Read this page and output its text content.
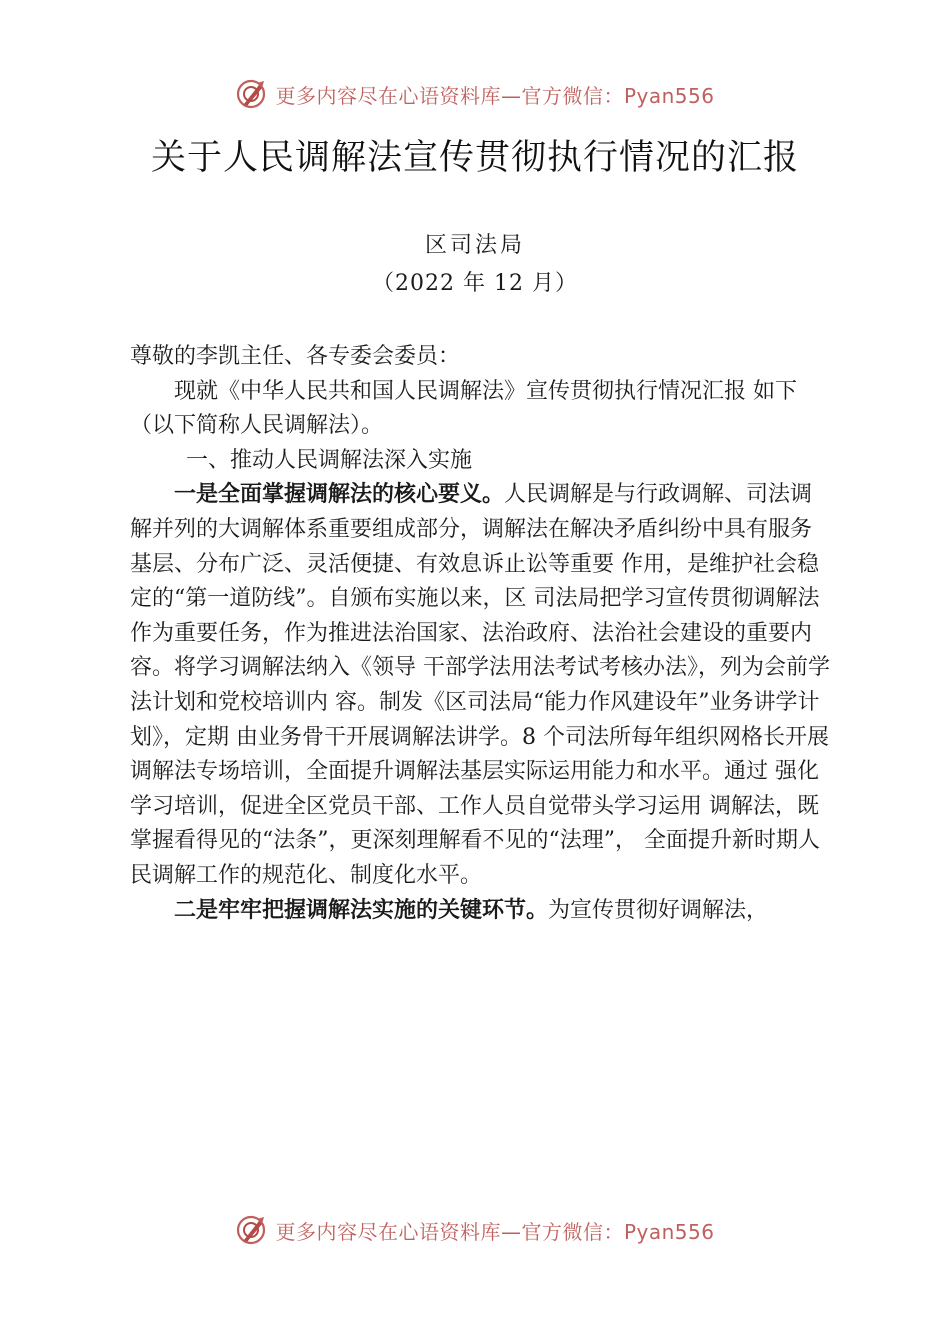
更多内容尽在心语资料库—官方微信：Pyan556
关于人民调解法宣传贯彻执行情况的汇报
区司法局
（2022 年 12 月）

尊敬的李凯主任、各专委会委员：

现就《中华人民共和国人民调解法》宣传贯彻执行情况汇报 如下（以下简称人民调解法）。

一、推动人民调解法深入实施

一是全面掌握调解法的核心要义。人民调解是与行政调解、司法调解并列的大调解体系重要组成部分，调解法在解决矛盾纠纷中具有服务基层、分布广泛、灵活便捷、有效息诉止讼等重要 作用，是维护社会稳定的“第一道防线”。自颁布实施以来，区 司法局把学习宣传贯彻调解法作为重要任务，作为推进法治国家、法治政府、法治社会建设的重要内容。将学习调解法纳入《领导 干部学法用法考试考核办法》，列为会前学法计划和党校培训内 容。制发《区司法局“能力作风建设年”业务讲学计划》，定期 由业务骨干开展调解法讲学。8 个司法所每年组织网格长开展调解法专场培训，全面提升调解法基层实际运用能力和水平。通过 强化学习培训，促进全区党员干部、工作人员自觉带头学习运用 调解法，既掌握看得见的“法条”，更深刻理解看不见的“法理”， 全面提升新时期人民调解工作的规范化、制度化水平。

二是牢牢把握调解法实施的关键环节。为宣传贯彻好调解法，

更多内容尽在心语资料库—官方微信：Pyan556
